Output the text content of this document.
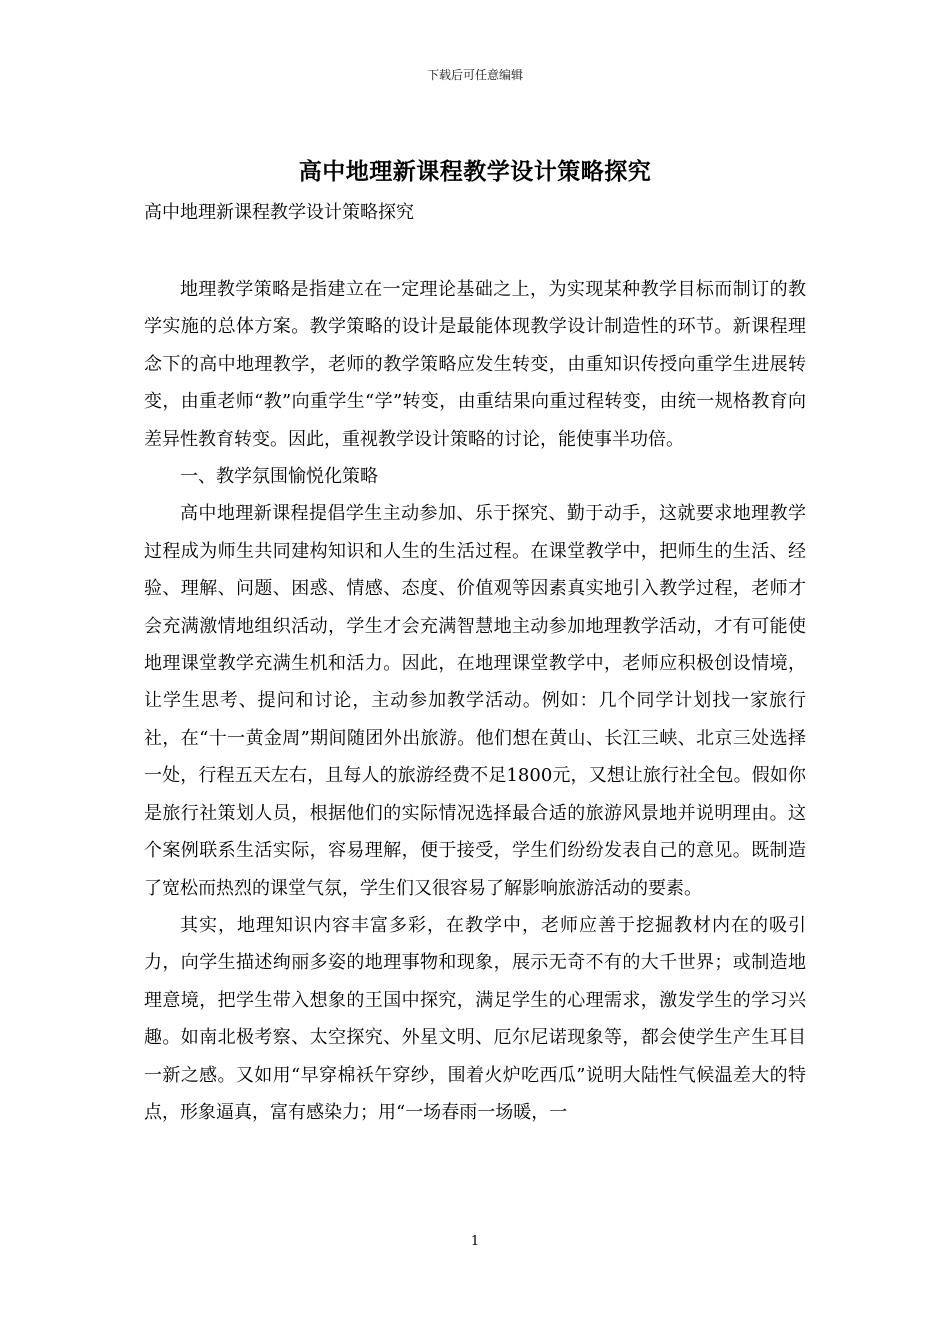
下载后可任意编辑
高中地理新课程教学设计策略探究
高中地理新课程教学设计策略探究

地理教学策略是指建立在一定理论基础之上，为实现某种教学目标而制订的教学实施的总体方案。教学策略的设计是最能体现教学设计制造性的环节。新课程理念下的高中地理教学，老师的教学策略应发生转变，由重知识传授向重学生进展转变，由重老师“教”向重学生“学”转变，由重结果向重过程转变，由统一规格教育向差异性教育转变。因此，重视教学设计策略的讨论，能使事半功倍。

一、教学氛围愉悦化策略

高中地理新课程提倡学生主动参加、乐于探究、勤于动手，这就要求地理教学过程成为师生共同建构知识和人生的生活过程。在课堂教学中，把师生的生活、经验、理解、问题、困惑、情感、态度、价值观等因素真实地引入教学过程，老师才会充满激情地组织活动，学生才会充满智慧地主动参加地理教学活动，才有可能使地理课堂教学充满生机和活力。因此，在地理课堂教学中，老师应积极创设情境，让学生思考、提问和讨论，主动参加教学活动。例如：几个同学计划找一家旅行社，在“十一黄金周”期间随团外出旅游。他们想在黄山、长江三峡、北京三处选择一处，行程五天左右，且每人的旅游经费不足1800元，又想让旅行社全包。假如你是旅行社策划人员，根据他们的实际情况选择最合适的旅游风景地并说明理由。这个案例联系生活实际，容易理解，便于接受，学生们纷纷发表自己的意见。既制造了宽松而热烈的课堂气氛，学生们又很容易了解影响旅游活动的要素。

其实，地理知识内容丰富多彩，在教学中，老师应善于挖掘教材内在的吸引力，向学生描述绚丽多姿的地理事物和现象，展示无奇不有的大千世界；或制造地理意境，把学生带入想象的王国中探究，满足学生的心理需求，激发学生的学习兴趣。如南北极考察、太空探究、外星文明、厄尔尼诺现象等，都会使学生产生耳目一新之感。又如用“早穿棉袄午穿纱，围着火炉吃西瓜”说明大陆性气候温差大的特点，形象逼真，富有感染力；用“一场春雨一场暖，一

1
